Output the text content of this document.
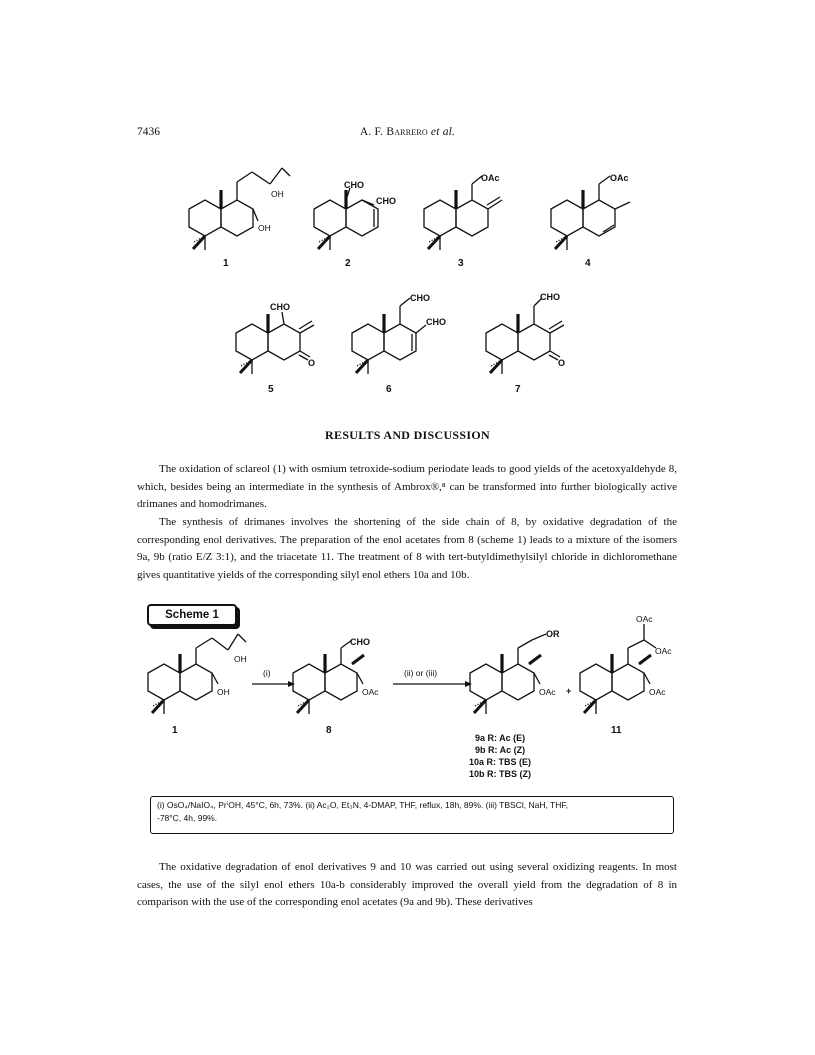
7436	A. F. Barrero et al.
OH
OH
1
CHO
CHO
2
OAc
3
OAc
4
CHO
O
5
CHO
CHO
6
CHO
O
7
RESULTS AND DISCUSSION
The oxidation of sclareol (1) with osmium tetroxide-sodium periodate leads to good yields of the acetoxyaldehyde 8, which, besides being an intermediate in the synthesis of Ambrox®,⁸ can be transformed into further biologically active drimanes and homodrimanes.
The synthesis of drimanes involves the shortening of the side chain of 8, by oxidative degradation of the corresponding enol derivatives. The preparation of the enol acetates from 8 (scheme 1) leads to a mixture of the isomers 9a, 9b (ratio E/Z 3:1), and the triacetate 11. The treatment of 8 with tert-butyldimethylsilyl chloride in dichloromethane gives quantitative yields of the corresponding silyl enol ethers 10a and 10b.
Scheme 1
OH
OH
1
(i)
CHO
OAc
8
(ii) or (iii)
OR
OAc +
9a R: Ac (E)
9b R: Ac (Z)
10a R: TBS (E)
10b R: TBS (Z)
OAc
OAc
OAc
11
(i) OsO₄/NaIO₄, PrⁱOH, 45°C, 6h, 73%. (ii) Ac₂O, Et₃N, 4-DMAP, THF, reflux, 18h, 89%. (iii) TBSCl, NaH, THF,
-78°C, 4h, 99%.
The oxidative degradation of enol derivatives 9 and 10 was carried out using several oxidizing reagents. In most cases, the use of the silyl enol ethers 10a-b considerably improved the overall yield from the degradation of 8 in comparison with the use of the corresponding enol acetates (9a and 9b). These derivatives
